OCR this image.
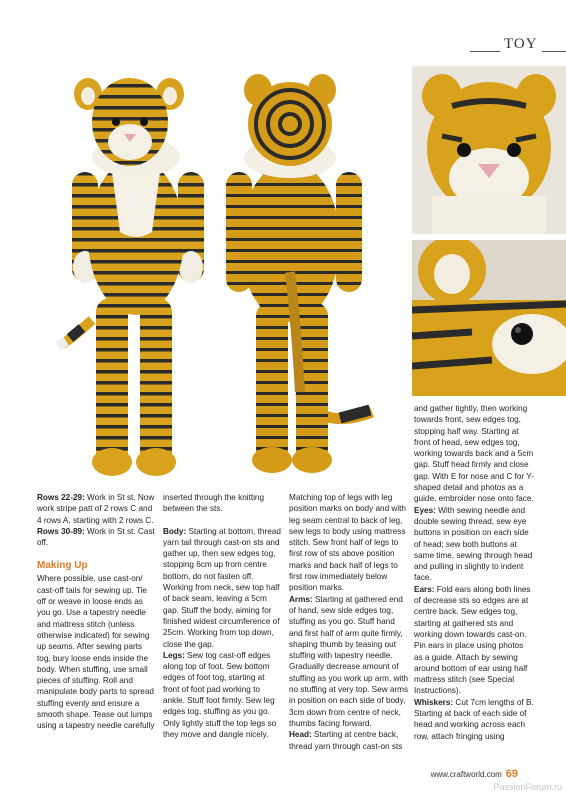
TOY

Rows 22-29: Work in St st. Now work stripe patt of 2 rows C and 4 rows A, starting with 2 rows C.

Rows 30-89: Work in St st. Cast off.

Making Up

Where possible, use cast-on/ cast-off tails for sewing up. Tie off or weave in loose ends as you go. Use a tapestry needle and mattress stitch (unless otherwise indicated) for sewing up seams. After sewing parts tog, bury loose ends inside the body. When stuffing, use small pieces of stuffing. Roll and manipulate body parts to spread stuffing evenly and ensure a smooth shape. Tease out lumps using a tapestry needle carefully

inserted through the knitting between the sts.

Body: Starting at bottom, thread yarn tail through cast-on sts and gather up, then sew edges tog, stopping 6cm up from centre bottom, do not fasten off. Working from neck, sew top half of back seam, leaving a 5cm gap. Stuff the body, aiming for finished widest circumference of 25cm. Working from top down, close the gap.

Legs: Sew tog cast-off edges along top of foot. Sew bottom edges of foot tog, starting at front of foot pad working to ankle. Stuff foot firmly. Sew leg edges tog, stuffing as you go. Only lightly stuff the top legs so they move and dangle nicely.

Matching top of legs with leg position marks on body and with leg seam central to back of leg, sew legs to body using mattress stitch. Sew front half of legs to first row of sts above position marks and back half of legs to first row immediately below position marks.

Arms: Starting at gathered end of hand, sew side edges tog, stuffing as you go. Stuff hand and first half of arm quite firmly, shaping thumb by teasing out stuffing with tapestry needle. Gradually decrease amount of stuffing as you work up arm, with no stuffing at very top. Sew arms in position on each side of body, 3cm down from centre of neck, thumbs facing forward.

Head: Starting at centre back, thread yarn through cast-on sts

and gather tightly, then working towards front, sew edges tog, stopping half way. Starting at front of head, sew edges tog, working towards back and a 5cm gap. Stuff head firmly and close gap. With E for nose and C for Y-shaped detail and photos as a guide, embroider nose onto face.

Eyes: With sewing needle and double sewing thread, sew eye buttons in position on each side of head; sew both buttons at same time, sewing through head and pulling in slightly to indent face.

Ears: Fold ears along both lines of decrease sts so edges are at centre back. Sew edges tog, starting at gathered sts and working down towards cast-on. Pin ears in place using photos as a guide. Attach by sewing around bottom of ear using half mattress stitch (see Special Instructions).

Whiskers: Cut 7cm lengths of B. Starting at back of each side of head and working across each row, attach fringing using

www.craftworld.com 69
PassionForum.ru
